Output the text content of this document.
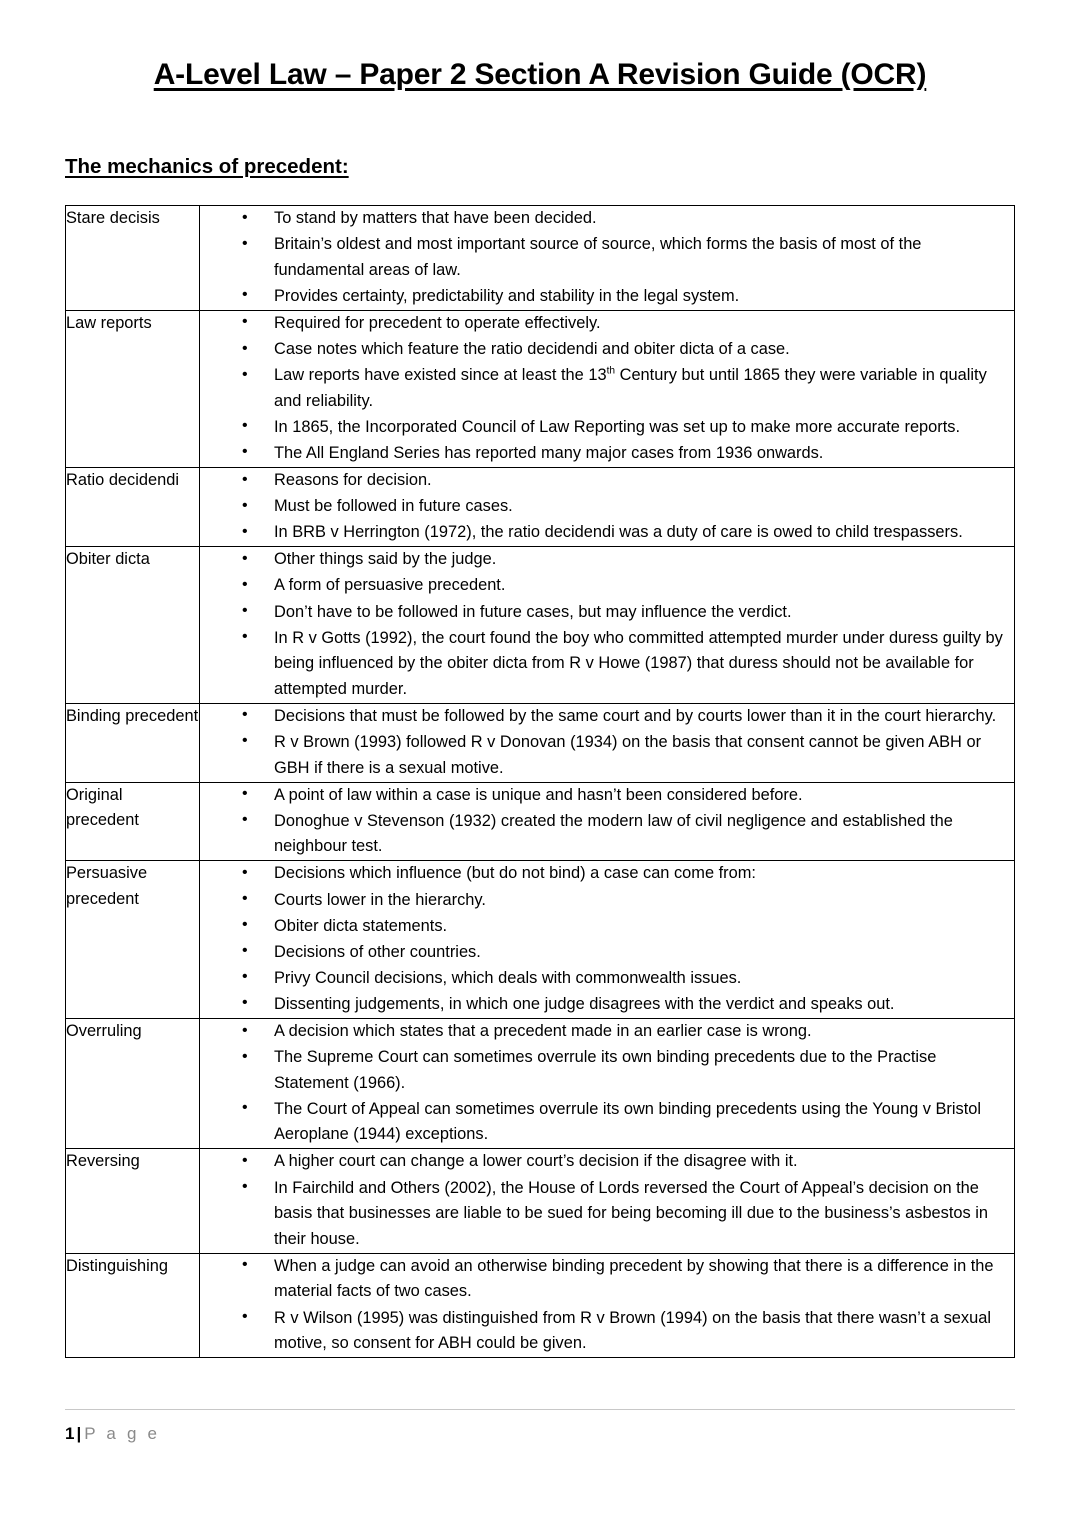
A-Level Law – Paper 2 Section A Revision Guide (OCR)
The mechanics of precedent:
Stare decisis	
•To stand by matters that have been decided.
• Britain’s oldest and most important source of source, which forms the basis of most of the fundamental areas of law.
• Provides certainty, predictability and stability in the legal system.

Law reports	
•Required for precedent to operate effectively.
• Case notes which feature the ratio decidendi and obiter dicta of a case.
• Law reports have existed since at least the 13th Century but until 1865 they were variable in quality and reliability.
• In 1865, the Incorporated Council of Law Reporting was set up to make more accurate reports.
• The All England Series has reported many major cases from 1936 onwards.

Ratio decidendi	
•Reasons for decision.
• Must be followed in future cases.
• In BRB v Herrington (1972), the ratio decidendi was a duty of care is owed to child trespassers.

Obiter dicta	
•Other things said by the judge.
• A form of persuasive precedent.
• Don’t have to be followed in future cases, but may influence the verdict.
• In R v Gotts (1992), the court found the boy who committed attempted murder under duress guilty by being influenced by the obiter dicta from R v Howe (1987) that duress should not be available for attempted murder.

Binding precedent	
•Decisions that must be followed by the same court and by courts lower than it in the court hierarchy.
• R v Brown (1993) followed R v Donovan (1934) on the basis that consent cannot be given ABH or GBH if there is a sexual motive.

Original precedent	
• A point of law within a case is unique and hasn’t been considered before.
• Donoghue v Stevenson (1932) created the modern law of civil negligence and established the neighbour test.

Persuasive precedent	
• Decisions which influence (but do not bind) a case can come from:
• Courts lower in the hierarchy.
• Obiter dicta statements.
• Decisions of other countries.
• Privy Council decisions, which deals with commonwealth issues.
• Dissenting judgements, in which one judge disagrees with the verdict and speaks out.

Overruling	
•A decision which states that a precedent made in an earlier case is wrong.
• The Supreme Court can sometimes overrule its own binding precedents due to the Practise Statement (1966).
• The Court of Appeal can sometimes overrule its own binding precedents using the Young v Bristol Aeroplane (1944) exceptions.

Reversing	
•A higher court can change a lower court’s decision if the disagree with it.
• In Fairchild and Others (2002), the House of Lords reversed the Court of Appeal’s decision on the basis that businesses are liable to be sued for being becoming ill due to the business’s asbestos in their house.

Distinguishing	
•When a judge can avoid an otherwise binding precedent by showing that there is a difference in the material facts of two cases.
• R v Wilson (1995) was distinguished from R v Brown (1994) on the basis that there wasn’t a sexual motive, so consent for ABH could be given.
1 | P a g e
